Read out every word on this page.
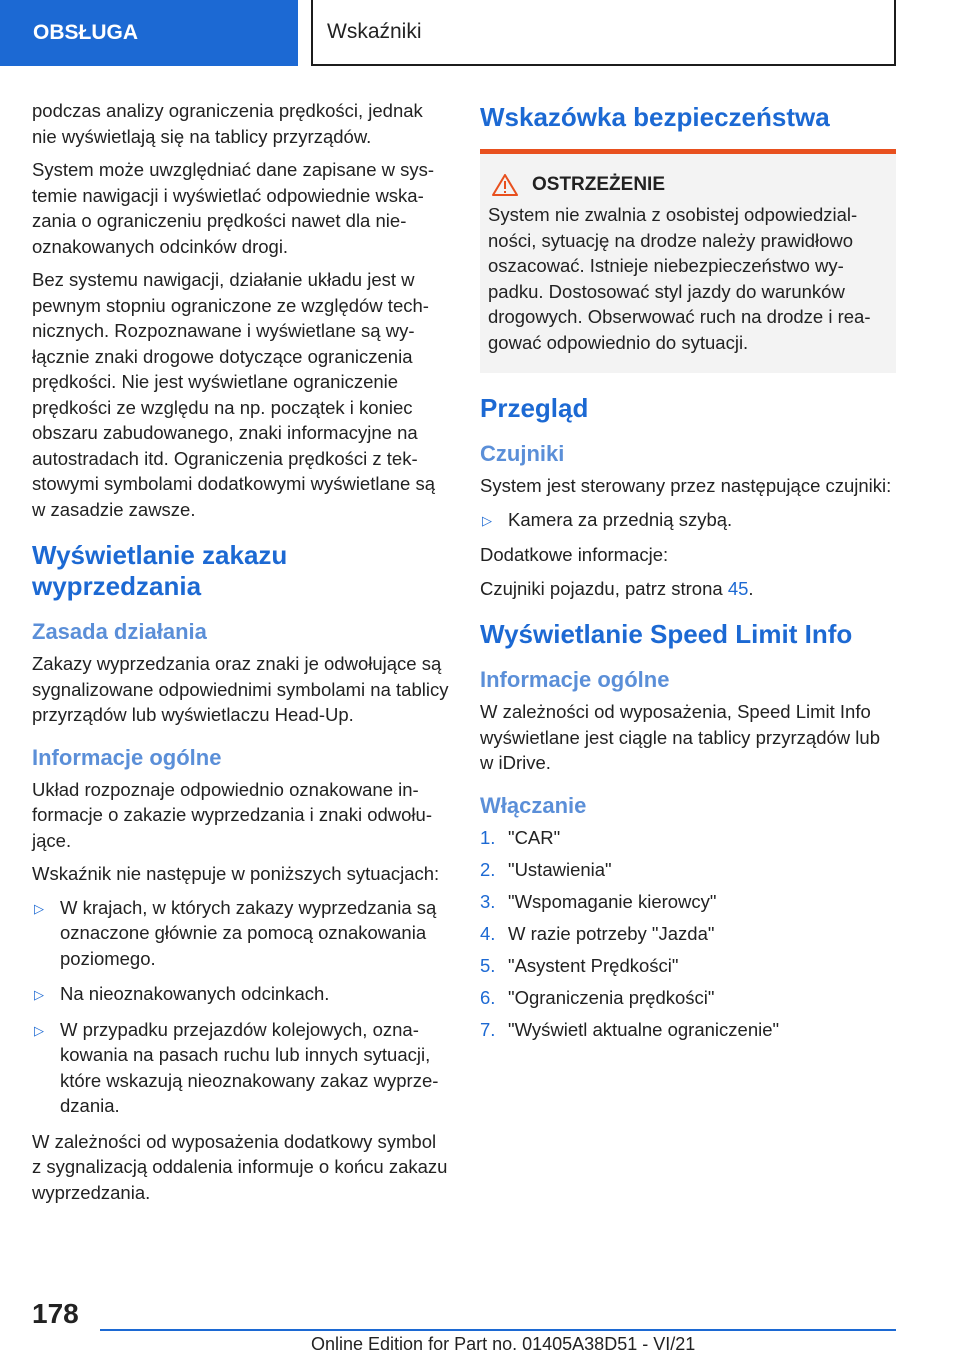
OBSŁUGA	Wskaźniki

podczas analizy ograniczenia prędkości, jednak nie wyświetlają się na tablicy przyrządów.

System może uwzględniać dane zapisane w systemie nawigacji i wyświetlać odpowiednie wskazania o ograniczeniu prędkości nawet dla nieoznakowanych odcinków drogi.

Bez systemu nawigacji, działanie układu jest w pewnym stopniu ograniczone ze względów technicznych. Rozpoznawane i wyświetlane są wyłącznie znaki drogowe dotyczące ograniczenia prędkości. Nie jest wyświetlane ograniczenie prędkości ze względu na np. początek i koniec obszaru zabudowanego, znaki informacyjne na autostradach itd. Ograniczenia prędkości z tekstowymi symbolami dodatkowymi wyświetlane są w zasadzie zawsze.

Wyświetlanie zakazu wyprzedzania
Zasada działania

Zakazy wyprzedzania oraz znaki je odwołujące są sygnalizowane odpowiednimi symbolami na tablicy przyrządów lub wyświetlaczu Head-Up.

Informacje ogólne

Układ rozpoznaje odpowiednio oznakowane informacje o zakazie wyprzedzania i znaki odwołujące.

Wskaźnik nie następuje w poniższych sytuacjach:

▷ W krajach, w których zakazy wyprzedzania są oznaczone głównie za pomocą oznakowania poziomego.
▷ Na nieoznakowanych odcinkach.
▷ W przypadku przejazdów kolejowych, oznakowania na pasach ruchu lub innych sytuacji, które wskazują nieoznakowany zakaz wyprzedzania.

W zależności od wyposażenia dodatkowy symbol z sygnalizacją oddalenia informuje o końcu zakazu wyprzedzania.

Wskazówka bezpieczeństwa
OSTRZEŻENIE

System nie zwalnia z osobistej odpowiedzialności, sytuację na drodze należy prawidłowo oszacować. Istnieje niebezpieczeństwo wypadku. Dostosować styl jazdy do warunków drogowych. Obserwować ruch na drodze i reagować odpowiednio do sytuacji.

Przegląd
Czujniki

System jest sterowany przez następujące czujniki:

▷ Kamera za przednią szybą.

Dodatkowe informacje:

Czujniki pojazdu, patrz strona 45.

Wyświetlanie Speed Limit Info
Informacje ogólne

W zależności od wyposażenia, Speed Limit Info wyświetlane jest ciągle na tablicy przyrządów lub w iDrive.

Włączanie
1. "CAR"
2. "Ustawienia"
3. "Wspomaganie kierowcy"
4. W razie potrzeby "Jazda"
5. "Asystent Prędkości"
6. "Ograniczenia prędkości"
7. "Wyświetl aktualne ograniczenie"
178
Online Edition for Part no. 01405A38D51 - VI/21
